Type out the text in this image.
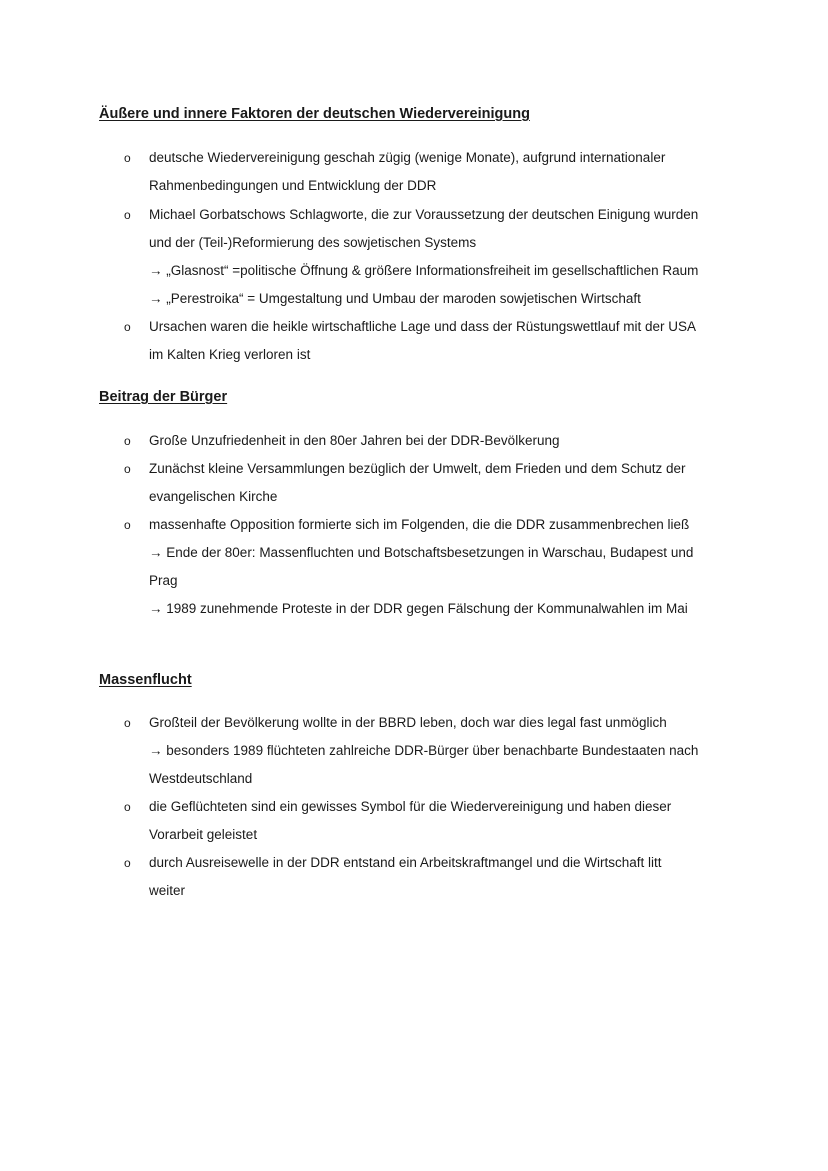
Äußere und innere Faktoren der deutschen Wiedervereinigung
o deutsche Wiedervereinigung geschah zügig (wenige Monate), aufgrund internationaler
Rahmenbedingungen und Entwicklung der DDR
o Michael Gorbatschows Schlagworte, die zur Voraussetzung der deutschen Einigung wurden
und der (Teil-)Reformierung des sowjetischen Systems
→ „Glasnost“ =politische Öffnung & größere Informationsfreiheit im gesellschaftlichen Raum
→ „Perestroika“ = Umgestaltung und Umbau der maroden sowjetischen Wirtschaft
o Ursachen waren die heikle wirtschaftliche Lage und dass der Rüstungswettlauf mit der USA
im Kalten Krieg verloren ist
Beitrag der Bürger
o Große Unzufriedenheit in den 80er Jahren bei der DDR-Bevölkerung
o Zunächst kleine Versammlungen bezüglich der Umwelt, dem Frieden und dem Schutz der
evangelischen Kirche
o massenhafte Opposition formierte sich im Folgenden, die die DDR zusammenbrechen ließ
→ Ende der 80er: Massenfluchten und Botschaftsbesetzungen in Warschau, Budapest und
Prag
→ 1989 zunehmende Proteste in der DDR gegen Fälschung der Kommunalwahlen im Mai
Massenflucht
o Großteil der Bevölkerung wollte in der BBRD leben, doch war dies legal fast unmöglich
→ besonders 1989 flüchteten zahlreiche DDR-Bürger über benachbarte Bundestaaten nach
Westdeutschland
o die Geflüchteten sind ein gewisses Symbol für die Wiedervereinigung und haben dieser
Vorarbeit geleistet
o durch Ausreisewelle in der DDR entstand ein Arbeitskraftmangel und die Wirtschaft litt
weiter
